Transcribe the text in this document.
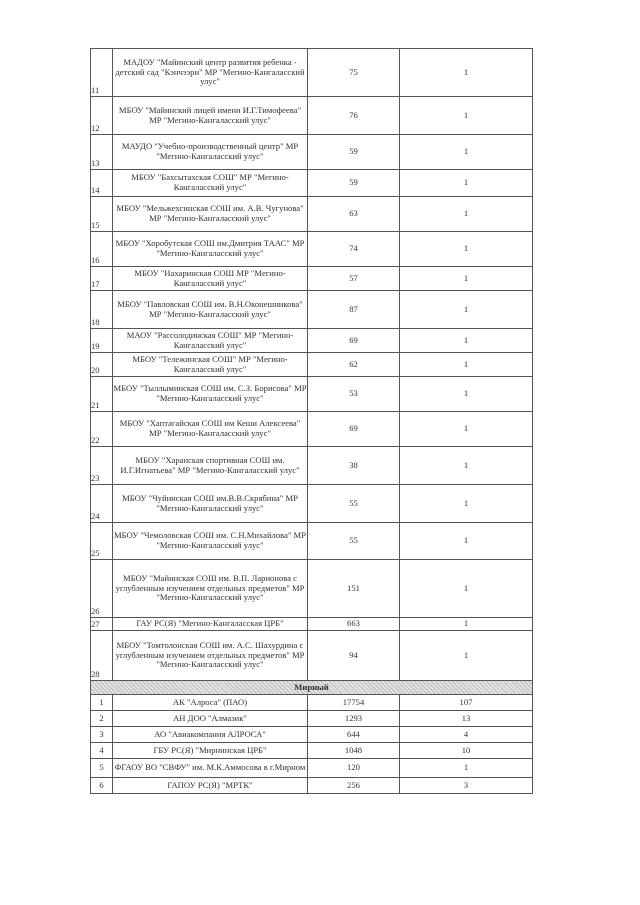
11	МАДОУ "Майинский центр развития ребенка - детский сад "Кэнчээри" МР "Мегино-Кангаласский улус"	75	1
12	МБОУ "Майинский лицей имени И.Г.Тимофеева" МР "Мегино-Кангаласский улус"	76	1
13	МАУДО "Учебно-производственный центр" МР "Мегино-Кангаласский улус"	59	1
14	МБОУ "Бахсытахская СОШ" МР "Мегино-Кангаласский улус"	59	1
15	МБОУ "Мельжехсинская СОШ им. А.В. Чугунова" МР "Мегино-Кангаласский улус"	63	1
16	МБОУ "Хоробутская СОШ им.Дмитрия ТААС" МР "Мегино-Кангаласский улус"	74	1
17	МБОУ "Нахаринская СОШ МР "Мегино-Кангаласский улус"	57	1
18	МБОУ "Павловская СОШ им. В.Н.Оконешникова" МР "Мегино-Кангаласский улус"	87	1
19	МАОУ "Рассолодинская СОШ" МР "Мегино-Кангаласский улус"	69	1
20	МБОУ "Тележинская СОШ" МР "Мегино-Кангаласский улус"	62	1
21	МБОУ "Тыллыминская СОШ им. С.З. Борисова" МР "Мегино-Кангаласский улус"	53	1
22	МБОУ "Хаптагайская СОШ им Кеши Алексеева" МР "Мегино-Кангаласский улус"	69	1
23	МБОУ "Харанская спортивная СОШ им. И.Г.Игнатьева" МР "Мегино-Кангаласский улус"	38	1
24	МБОУ "Чуйинская СОШ им.В.В.Скрябина" МР "Мегино-Кангаласский улус"	55	1
25	МБОУ "Чемоловская СОШ им. С.Н.Михайлова" МР "Мегино-Кангаласский улус"	55	1
26	МБОУ "Майинская СОШ им. В.П. Ларионова с углубленным изучением отдельных предметов" МР "Мегино-Кангаласский улус"	151	1
27	ГАУ РС(Я) "Мегино-Кангаласская ЦРБ"	663	1
28	МБОУ "Томтолонская СОШ им. А.С. Шахурдина с углубленным изучением отдельных предметов" МР "Мегино-Кангаласский улус"	94	1
Мирный			
1	АК "Алроса" (ПАО)	17754	107
2	АН ДОО "Алмазик"	1293	13
3	АО "Авиакомпания АЛРОСА"	644	4
4	ГБУ РС(Я) "Мирнинская ЦРБ"	1048	10
5	ФГАОУ ВО "СВФУ" им. М.К.Аммосова в г.Мирном	120	1
6	ГАПОУ РС(Я) "МРТК"	256	3
